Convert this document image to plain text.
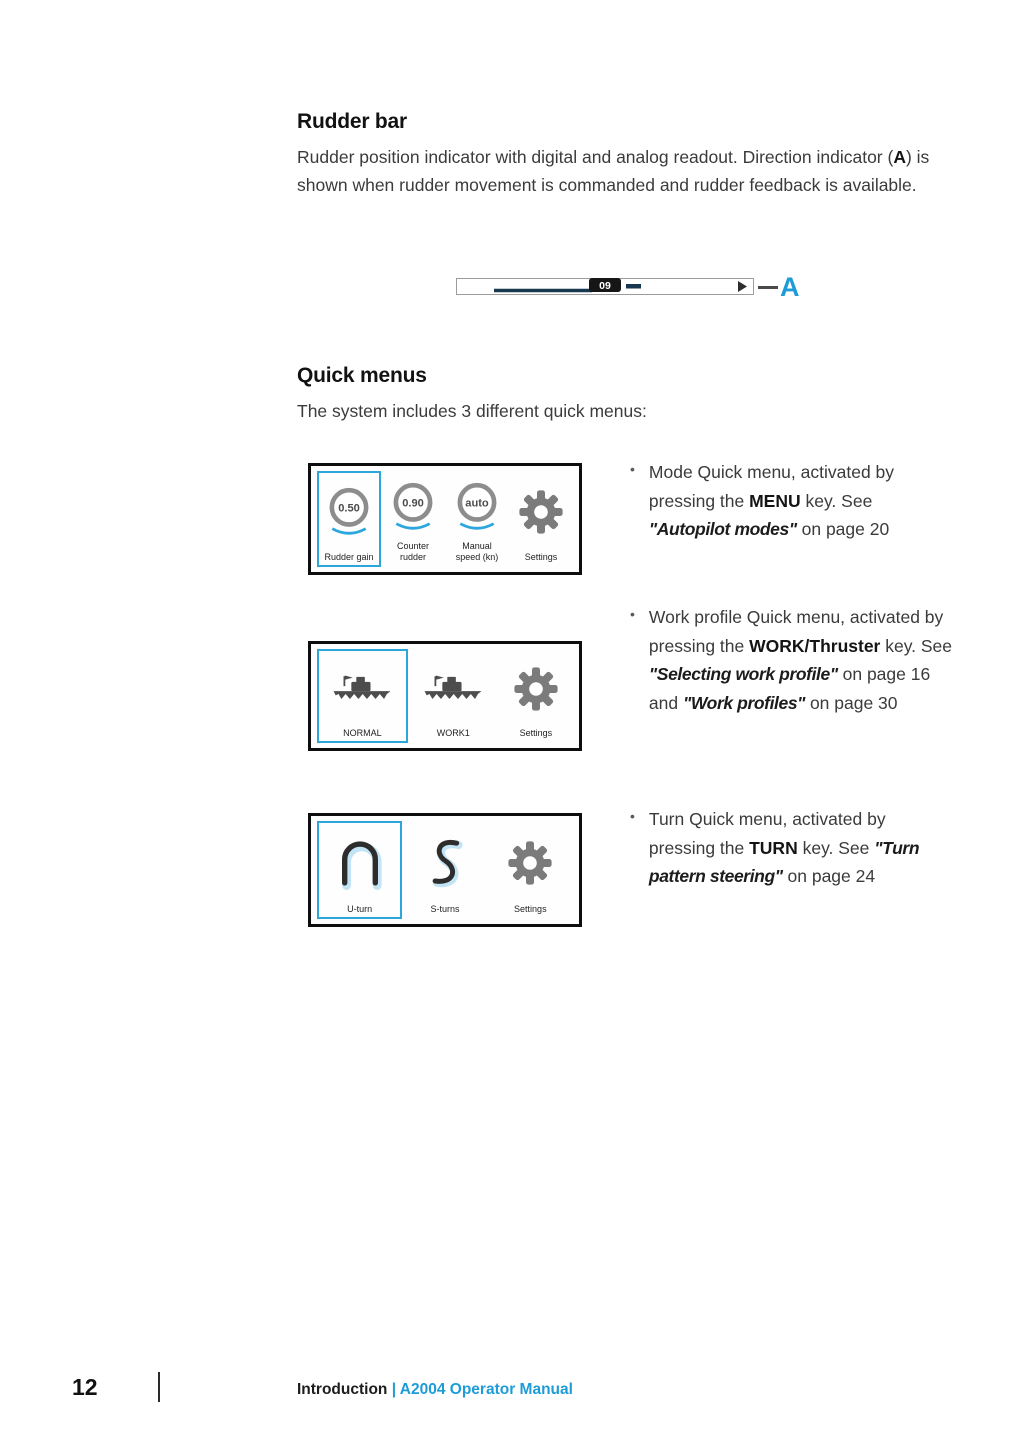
Rudder bar

Rudder position indicator with digital and analog readout. Direction indicator (A) is shown when rudder movement is commanded and rudder feedback is available.

09	A
Quick menus

The system includes 3 different quick menus:

0.50
Rudder gain
0.90
Counter rudder
auto
Manual speed (kn)	Settings
NORMAL	WORK1	Settings
U-turn	S-turns	Settings
• Mode Quick menu, activated by pressing the MENU key. See "Autopilot modes" on page 20
• Work profile Quick menu, activated by pressing the WORK/Thruster key. See "Selecting work profile" on page 16 and "Work profiles" on page 30
• Turn Quick menu, activated by pressing the TURN key. See "Turn pattern steering" on page 24
12	Introduction | A2004 Operator Manual
